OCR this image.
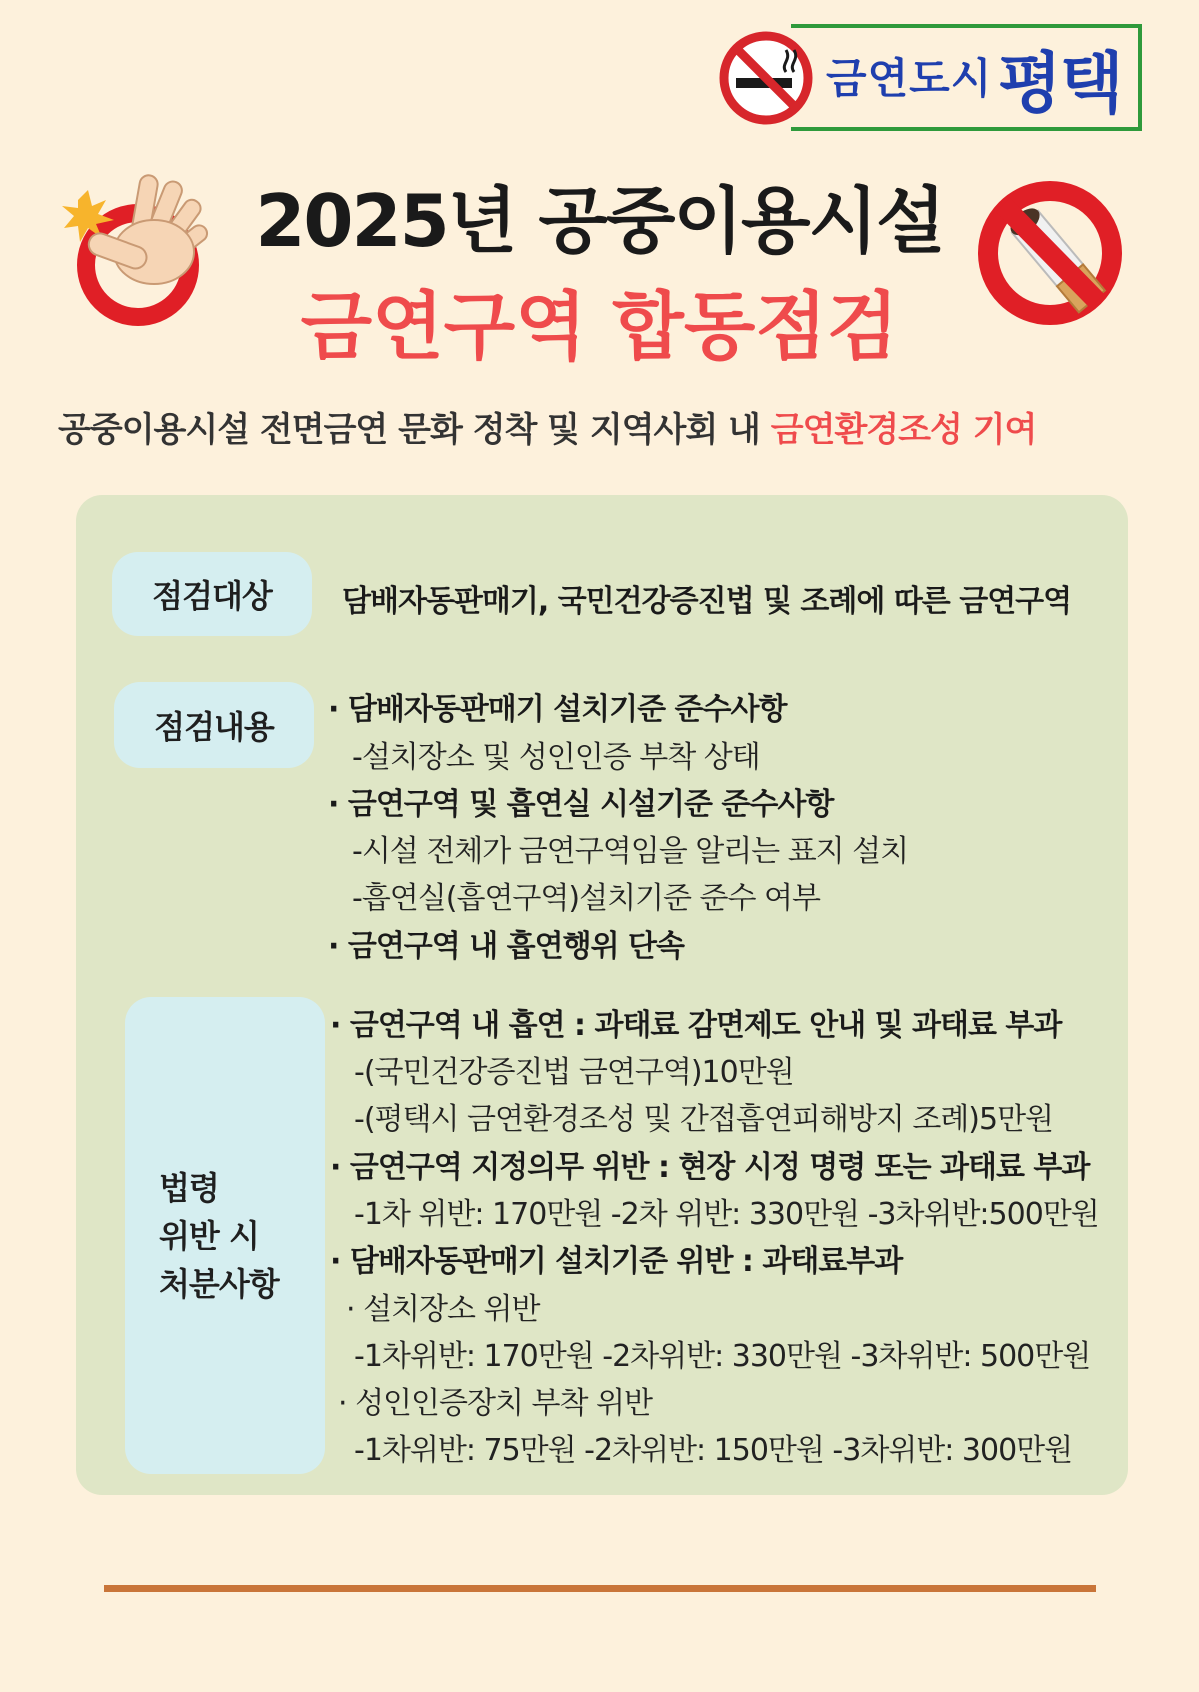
금연도시 평택
2025년 공중이용시설
금연구역 합동점검
공중이용시설 전면금연 문화 정착 및 지역사회 내 금연환경조성 기여
점검대상	담배자동판매기, 국민건강증진법 및 조례에 따른 금연구역
점검내용	· 담배자동판매기 설치기준 준수사항
-설치장소 및 성인인증 부착 상태
· 금연구역 및 흡연실 시설기준 준수사항
-시설 전체가 금연구역임을 알리는 표지 설치
-흡연실(흡연구역)설치기준 준수 여부
· 금연구역 내 흡연행위 단속
법령
위반 시
처분사항
· 금연구역 내 흡연 : 과태료 감면제도 안내 및 과태료 부과
-(국민건강증진법 금연구역)10만원
-(평택시 금연환경조성 및 간접흡연피해방지 조례)5만원
· 금연구역 지정의무 위반 : 현장 시정 명령 또는 과태료 부과
-1차 위반: 170만원 -2차 위반: 330만원 -3차위반:500만원
· 담배자동판매기 설치기준 위반 : 과태료부과
· 설치장소 위반
-1차위반: 170만원 -2차위반: 330만원 -3차위반: 500만원
· 성인인증장치 부착 위반
-1차위반: 75만원 -2차위반: 150만원 -3차위반: 300만원
